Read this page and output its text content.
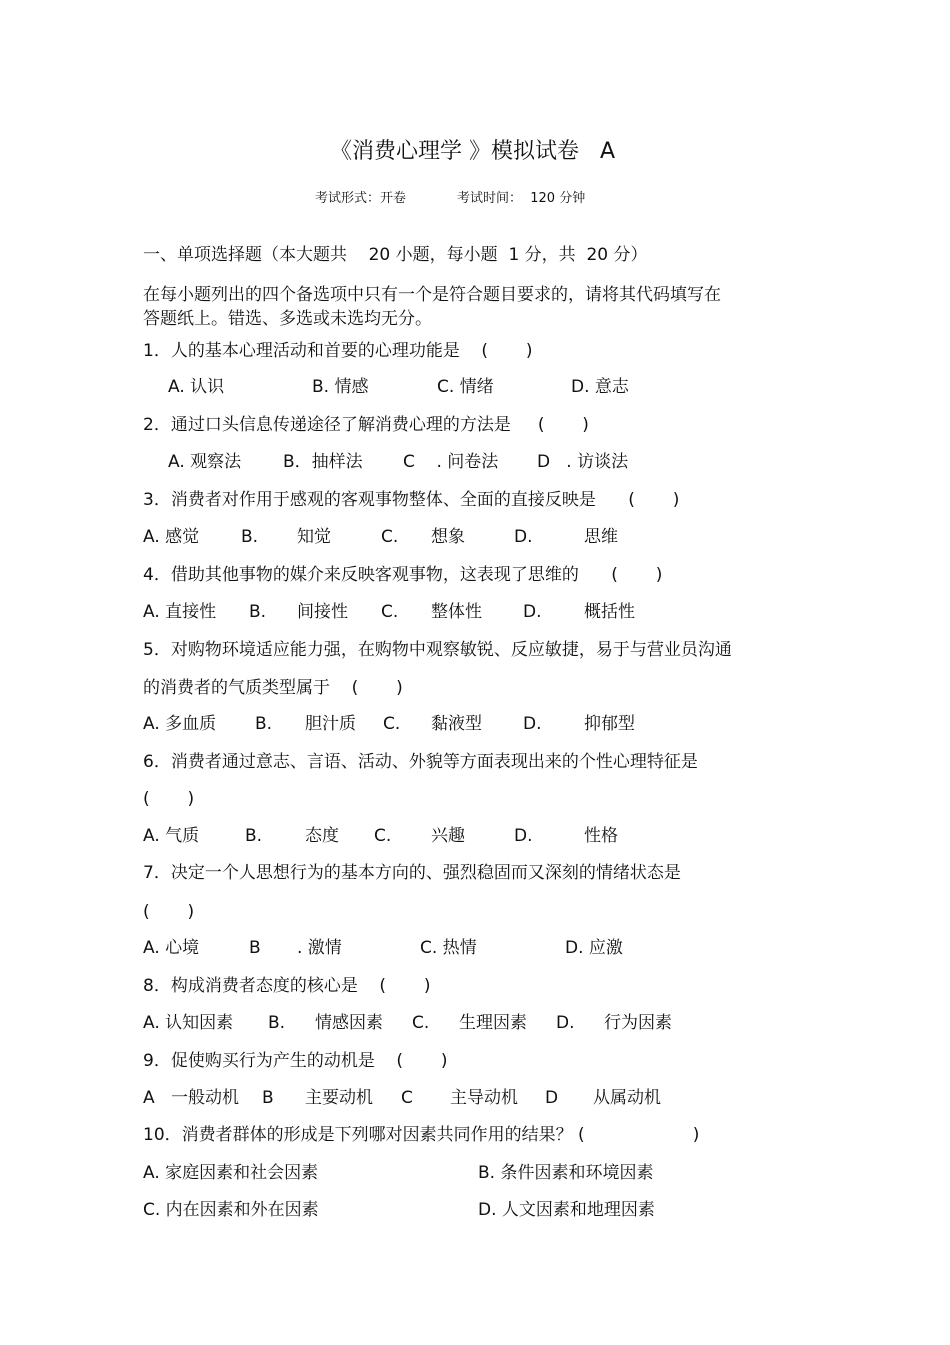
《消费心理学 》模拟试卷   A
考试形式：开卷	考试时间：  120 分钟
一、单项选择题（本大题共    20 小题，每小题  1 分，共  20 分）
在每小题列出的四个备选项中只有一个是符合题目要求的，请将其代码填写在
答题纸上。错选、多选或未选均无分。
1．人的基本心理活动和首要的心理功能是    (       )
A. 认识	B. 情感	C. 情绪	D. 意志
2．通过口头信息传递途径了解消费心理的方法是     (       )
A. 观察法 B．抽样法 C    . 问卷法 D   . 访谈法
3．消费者对作用于感观的客观事物整体、全面的直接反映是      (       )
A. 感觉 B. 知觉	C. 想象	D.	思维
4．借助其他事物的媒介来反映客观事物，这表现了思维的      (       )
A. 直接性 B. 间接性 C. 整体性 D.	概括性
5．对购物环境适应能力强，在购物中观察敏锐、反应敏捷，易于与营业员沟通
的消费者的气质类型属于    (       )
A. 多血质 B. 胆汁质 C. 黏液型 D.	抑郁型
6．消费者通过意志、言语、活动、外貌等方面表现出来的个性心理特征是
(       )
A. 气质	B.	态度 C. 兴趣	D.	性格
7．决定一个人思想行为的基本方向的、强烈稳固而又深刻的情绪状态是
(       )
A. 心境	B . 激情	C. 热情	D. 应激
8．构成消费者态度的核心是    (       )
A. 认知因素 B. 情感因素 C. 生理因素 D. 行为因素
9．促使购买行为产生的动机是    (       )
A 一般动机 B 主要动机 C 主导动机 D 从属动机
10．消费者群体的形成是下列哪对因素共同作用的结果？ (                    )
A. 家庭因素和社会因素	B. 条件因素和环境因素
C. 内在因素和外在因素	D. 人文因素和地理因素
